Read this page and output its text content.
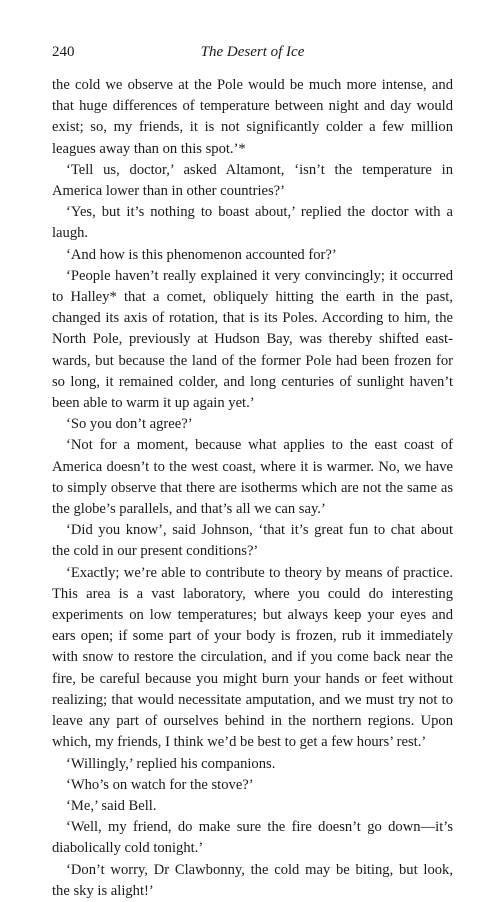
240	The Desert of Ice

the cold we observe at the Pole would be much more intense, and that huge differences of temperature between night and day would exist; so, my friends, it is not significantly colder a few million leagues away than on this spot.’*

‘Tell us, doctor,’ asked Altamont, ‘isn’t the temperature in America lower than in other countries?’

‘Yes, but it’s nothing to boast about,’ replied the doctor with a laugh.

‘And how is this phenomenon accounted for?’

‘People haven’t really explained it very convincingly; it occurred to Halley* that a comet, obliquely hitting the earth in the past, changed its axis of rotation, that is its Poles. According to him, the North Pole, previously at Hudson Bay, was thereby shifted eastwards, but because the land of the former Pole had been frozen for so long, it remained colder, and long centuries of sunlight haven’t been able to warm it up again yet.’

‘So you don’t agree?’

‘Not for a moment, because what applies to the east coast of America doesn’t to the west coast, where it is warmer. No, we have to simply observe that there are isotherms which are not the same as the globe’s parallels, and that’s all we can say.’

‘Did you know’, said Johnson, ‘that it’s great fun to chat about the cold in our present conditions?’

‘Exactly; we’re able to contribute to theory by means of practice. This area is a vast laboratory, where you could do interesting experiments on low temperatures; but always keep your eyes and ears open; if some part of your body is frozen, rub it immediately with snow to restore the circulation, and if you come back near the fire, be careful because you might burn your hands or feet without realizing; that would necessitate amputation, and we must try not to leave any part of ourselves behind in the northern regions. Upon which, my friends, I think we’d be best to get a few hours’ rest.’

‘Willingly,’ replied his companions.

‘Who’s on watch for the stove?’

‘Me,’ said Bell.

‘Well, my friend, do make sure the fire doesn’t go down—it’s diabolically cold tonight.’

‘Don’t worry, Dr Clawbonny, the cold may be biting, but look, the sky is alight!’
